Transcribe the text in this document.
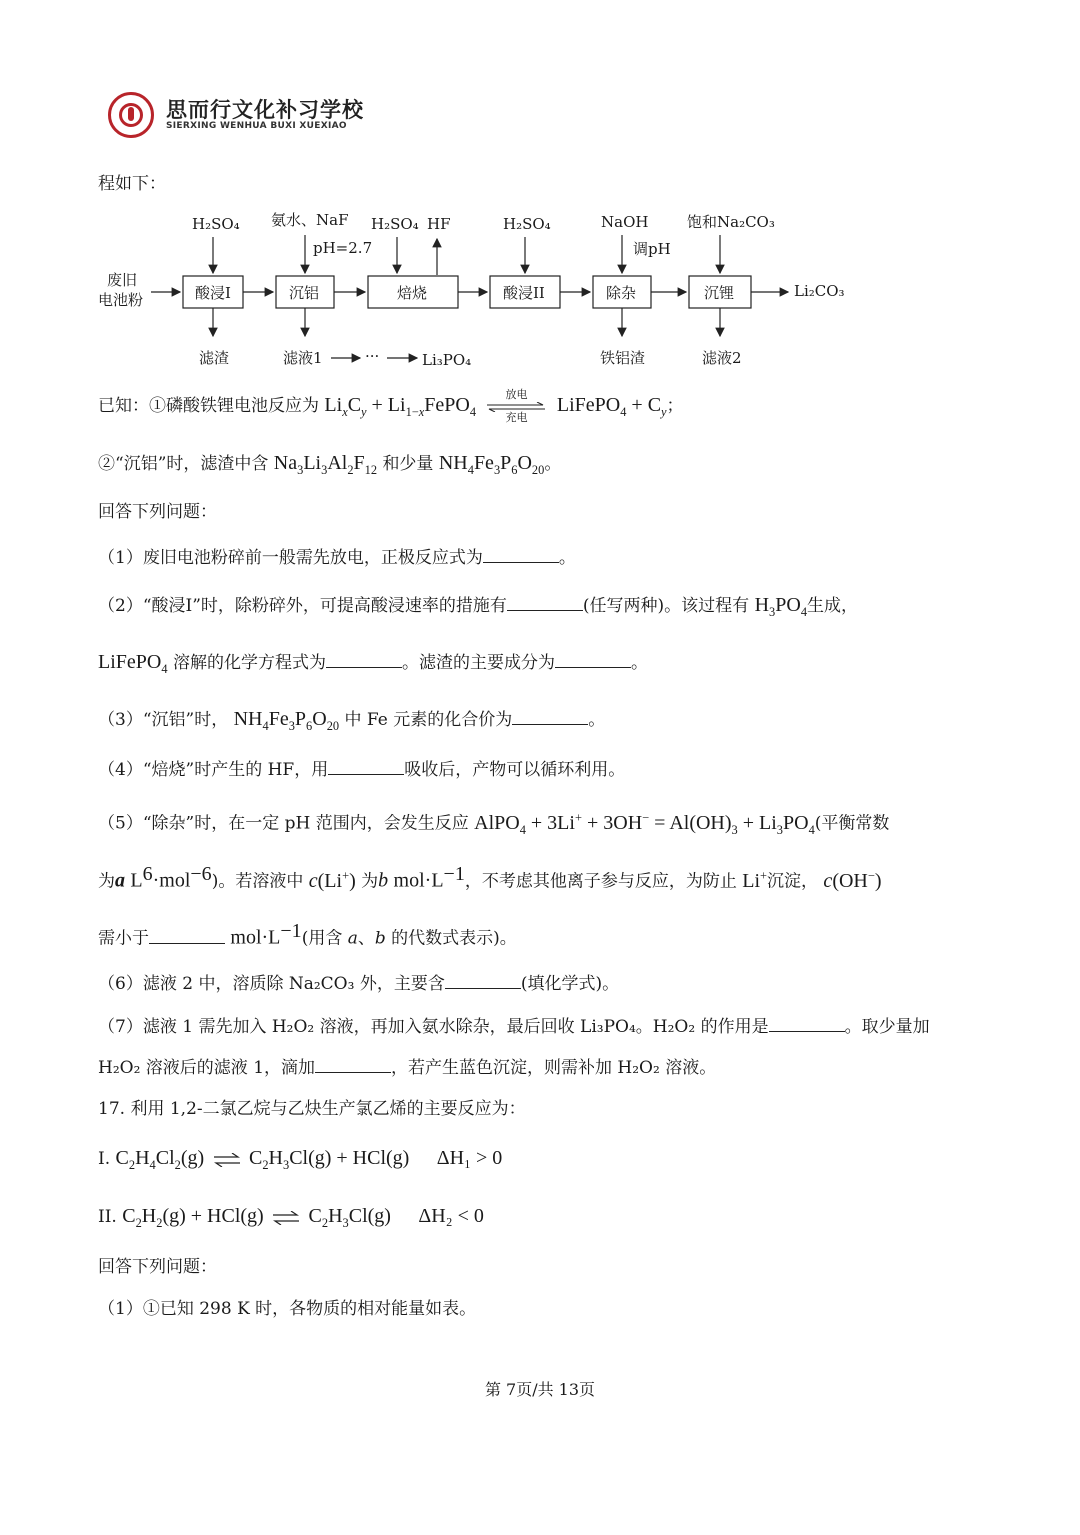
思而行文化补习学校
SIERXING WENHUA BUXI XUEXIAO
程如下：
废旧
电池粉	酸浸I	沉铝	焙烧	酸浸II	除杂	沉锂	Li₂CO₃
H₂SO₄ 氨水、NaF
pH=2.7
H₂SO₄ HF	H₂SO₄	NaOH
调pH
饱和Na₂CO₃
滤渣	滤液1	···	Li₃PO₄	铁铝渣	滤液2
已知：①磷酸铁锂电池反应为 $Li_xC_y$ + $Li_{1-x}FePO_4$
放电
充电
LiFePO$_4$ + $C_y$；
②“沉铝”时，滤渣中含 $Na_3Li_3Al_2F_{12}$ 和少量 $NH_4Fe_3P_6O_{20}$。
回答下列问题：
（1）废旧电池粉碎前一般需先放电，正极反应式为	。
（2）“酸浸I”时，除粉碎外，可提高酸浸速率的措施有	(任写两种)。该过程有 $H_3PO_4$生成，
LiFePO$_4$ 溶解的化学方程式为	。滤渣的主要成分为	。
（3）“沉铝”时， $NH_4Fe_3P_6O_{20}$ 中 Fe 元素的化合价为	。
（4）“焙烧”时产生的 HF，用	吸收后，产物可以循环利用。
（5）“除杂”时，在一定 pH 范围内，会发生反应 AlPO$_4$ + $3Li^+ + 3OH^- = Al(OH)_3 + Li_3PO_4$(平衡常数
为a $L^6\cdot mol^{-6}$)。若溶液中 c(Li+) 为b $mol\cdot L^{-1}$，不考虑其他离子参与反应，为防止 Li+沉淀， c(OH−)
需小于	$mol\cdot L^{-1}$(用含 a、b 的代数式表示)。
（6）滤液 2 中，溶质除 Na₂CO₃ 外，主要含	(填化学式)。
（7）滤液 1 需先加入 H₂O₂ 溶液，再加入氨水除杂，最后回收 Li₃PO₄。H₂O₂ 的作用是	。取少量加
H₂O₂ 溶液后的滤液 1，滴加	，若产生蓝色沉淀，则需补加 H₂O₂ 溶液。
17. 利用 1,2-二氯乙烷与乙炔生产氯乙烯的主要反应为：
I. $C_2H_4Cl_2(g)$ ⇌ $C_2H_3Cl(g) + HCl(g) \Delta H_1 > 0$
II. $C_2H_2(g) + HCl(g)$ ⇌ $C_2H_3Cl(g) \Delta H_2 < 0$
回答下列问题：
（1）①已知 298 K 时，各物质的相对能量如表。
第 7页/共 13页
